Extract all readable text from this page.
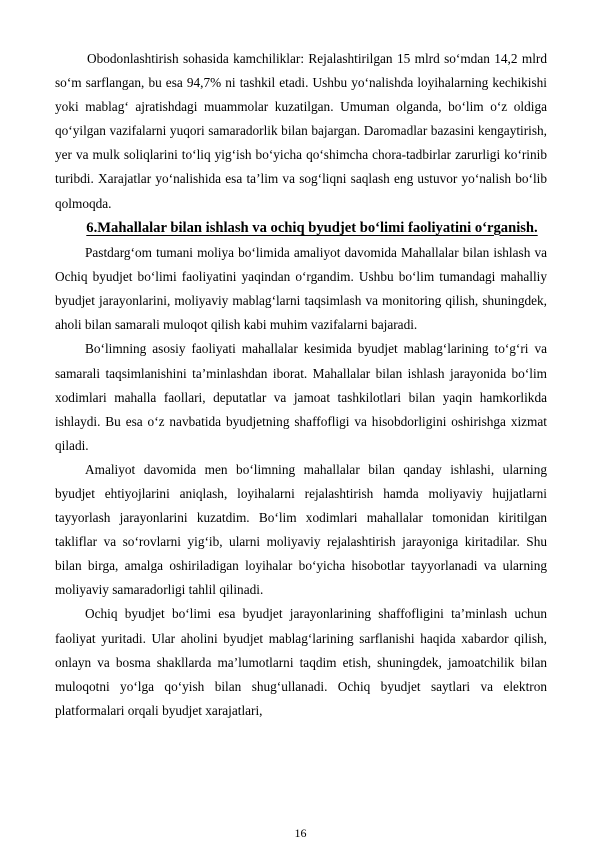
Obodonlashtirish sohasida kamchiliklar: Rejalashtirilgan 15 mlrd so‘mdan 14,2 mlrd so‘m sarflangan, bu esa 94,7% ni tashkil etadi. Ushbu yo‘nalishda loyihalarning kechikishi yoki mablag‘ ajratishdagi muammolar kuzatilgan. Umuman olganda, bo‘lim o‘z oldiga qo‘yilgan vazifalarni yuqori samaradorlik bilan bajargan. Daromadlar bazasini kengaytirish, yer va mulk soliqlarini to‘liq yig‘ish bo‘yicha qo‘shimcha chora-tadbirlar zarurligi ko‘rinib turibdi. Xarajatlar yo‘nalishida esa ta’lim va sog‘liqni saqlash eng ustuvor yo‘nalish bo‘lib qolmoqda.

6.Mahallalar bilan ishlash va ochiq byudjet bo‘limi faoliyatini o‘rganish.

Pastdarg‘om tumani moliya bo‘limida amaliyot davomida Mahallalar bilan ishlash va Ochiq byudjet bo‘limi faoliyatini yaqindan o‘rgandim. Ushbu bo‘lim tumandagi mahalliy byudjet jarayonlarini, moliyaviy mablag‘larni taqsimlash va monitoring qilish, shuningdek, aholi bilan samarali muloqot qilish kabi muhim vazifalarni bajaradi.

Bo‘limning asosiy faoliyati mahallalar kesimida byudjet mablag‘larining to‘g‘ri va samarali taqsimlanishini ta’minlashdan iborat. Mahallalar bilan ishlash jarayonida bo‘lim xodimlari mahalla faollari, deputatlar va jamoat tashkilotlari bilan yaqin hamkorlikda ishlaydi. Bu esa o‘z navbatida byudjetning shaffofligi va hisobdorligini oshirishga xizmat qiladi.

Amaliyot davomida men bo‘limning mahallalar bilan qanday ishlashi, ularning byudjet ehtiyojlarini aniqlash, loyihalarni rejalashtirish hamda moliyaviy hujjatlarni tayyorlash jarayonlarini kuzatdim. Bo‘lim xodimlari mahallalar tomonidan kiritilgan takliflar va so‘rovlarni yig‘ib, ularni moliyaviy rejalashtirish jarayoniga kiritadilar. Shu bilan birga, amalga oshiriladigan loyihalar bo‘yicha hisobotlar tayyorlanadi va ularning moliyaviy samaradorligi tahlil qilinadi.

Ochiq byudjet bo‘limi esa byudjet jarayonlarining shaffofligini ta’minlash uchun faoliyat yuritadi. Ular aholini byudjet mablag‘larining sarflanishi haqida xabardor qilish, onlayn va bosma shakllarda ma’lumotlarni taqdim etish, shuningdek, jamoatchilik bilan muloqotni yo‘lga qo‘yish bilan shug‘ullanadi. Ochiq byudjet saytlari va elektron platformalari orqali byudjet xarajatlari,

16
